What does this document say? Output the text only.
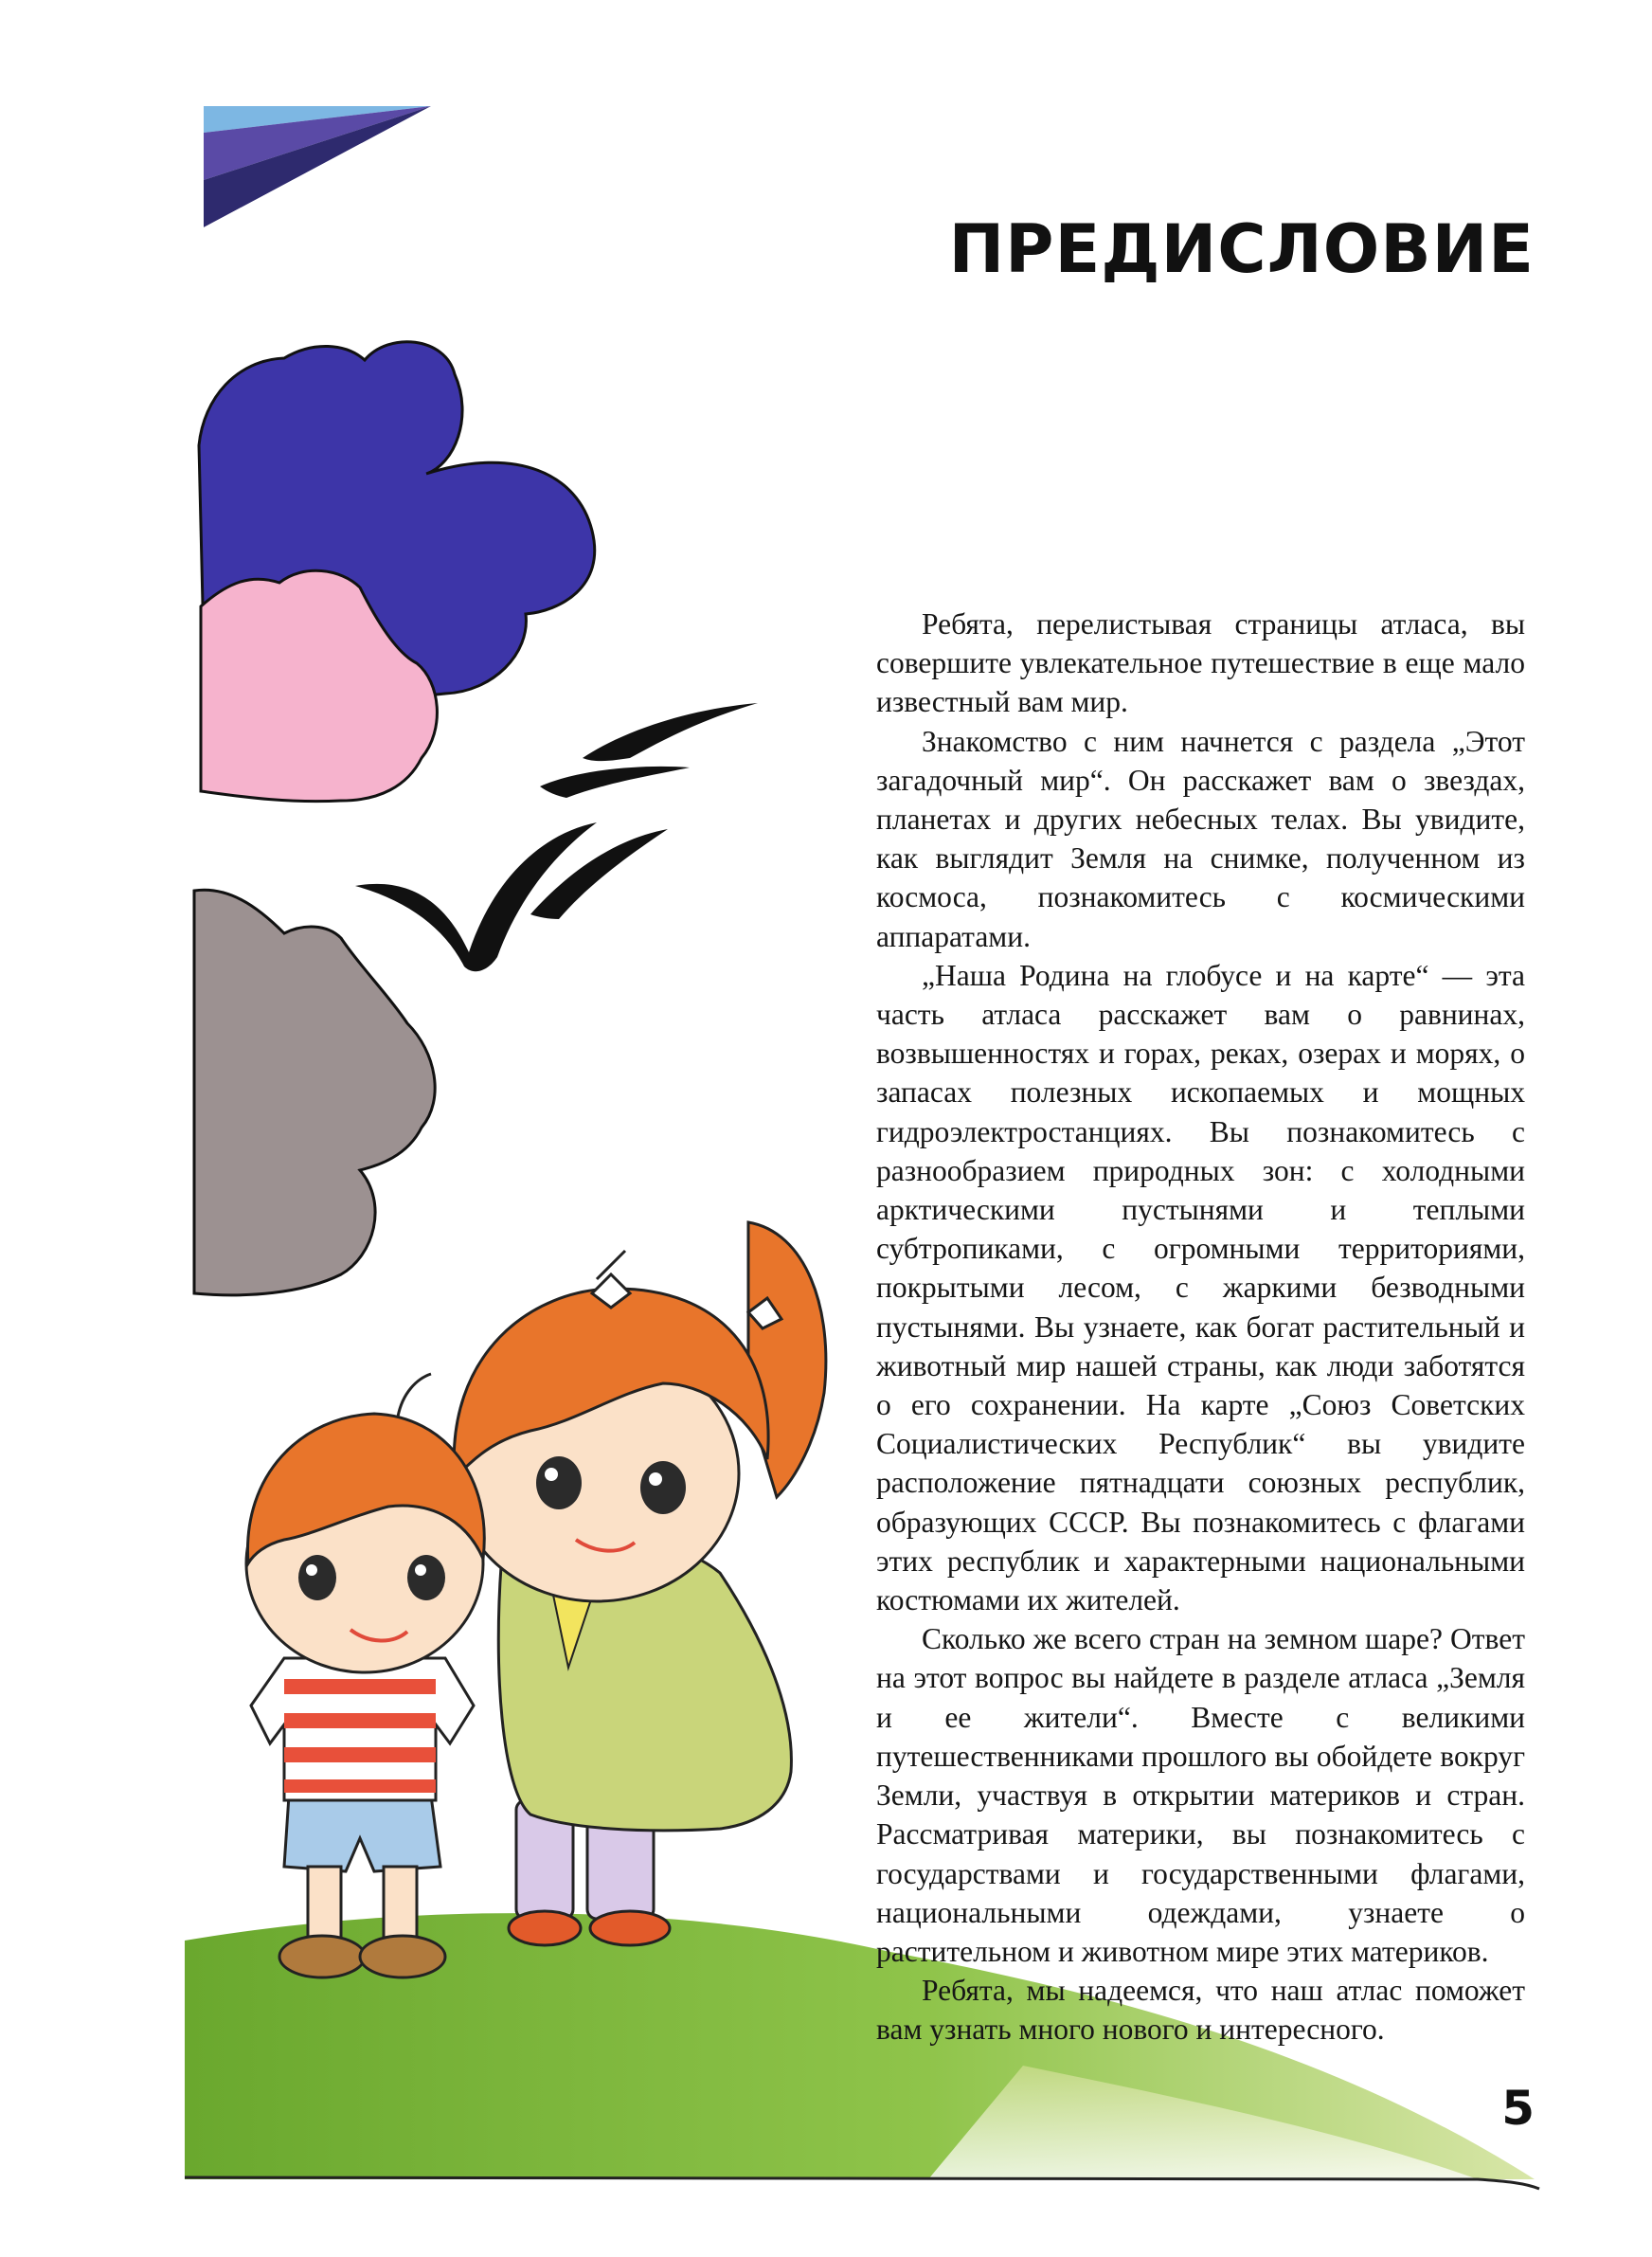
ПРЕДИСЛОВИЕ

Ребята, перелистывая страницы атласа, вы совершите увлекательное путешествие в еще мало известный вам мир.

Знакомство с ним начнется с раздела „Этот загадочный мир“. Он расскажет вам о звездах, планетах и других небесных телах. Вы увидите, как выглядит Земля на снимке, полученном из космоса, познакомитесь с космическими аппаратами.

„Наша Родина на глобусе и на карте“ — эта часть атласа расскажет вам о равнинах, возвышенностях и горах, реках, озерах и морях, о запасах полезных ископаемых и мощных гидроэлектростанциях. Вы познакомитесь с разнообразием природных зон: с холодными арктическими пустынями и теплыми субтропиками, с огромными территориями, покрытыми лесом, с жаркими безводными пустынями. Вы узнаете, как богат растительный и животный мир нашей страны, как люди заботятся о его сохранении. На карте „Союз Советских Социалистических Республик“ вы увидите расположение пятнадцати союзных республик, образующих СССР. Вы познакомитесь с флагами этих республик и характерными национальными костюмами их жителей.

Сколько же всего стран на земном шаре? Ответ на этот вопрос вы найдете в разделе атласа „Земля и ее жители“. Вместе с великими путешественниками прошлого вы обойдете вокруг Земли, участвуя в открытии материков и стран. Рассматривая материки, вы познакомитесь с государствами и государственными флагами, национальными одеждами, узнаете о растительном и животном мире этих материков.

Ребята, мы надеемся, что наш атлас поможет вам узнать много нового и интересного.

5
